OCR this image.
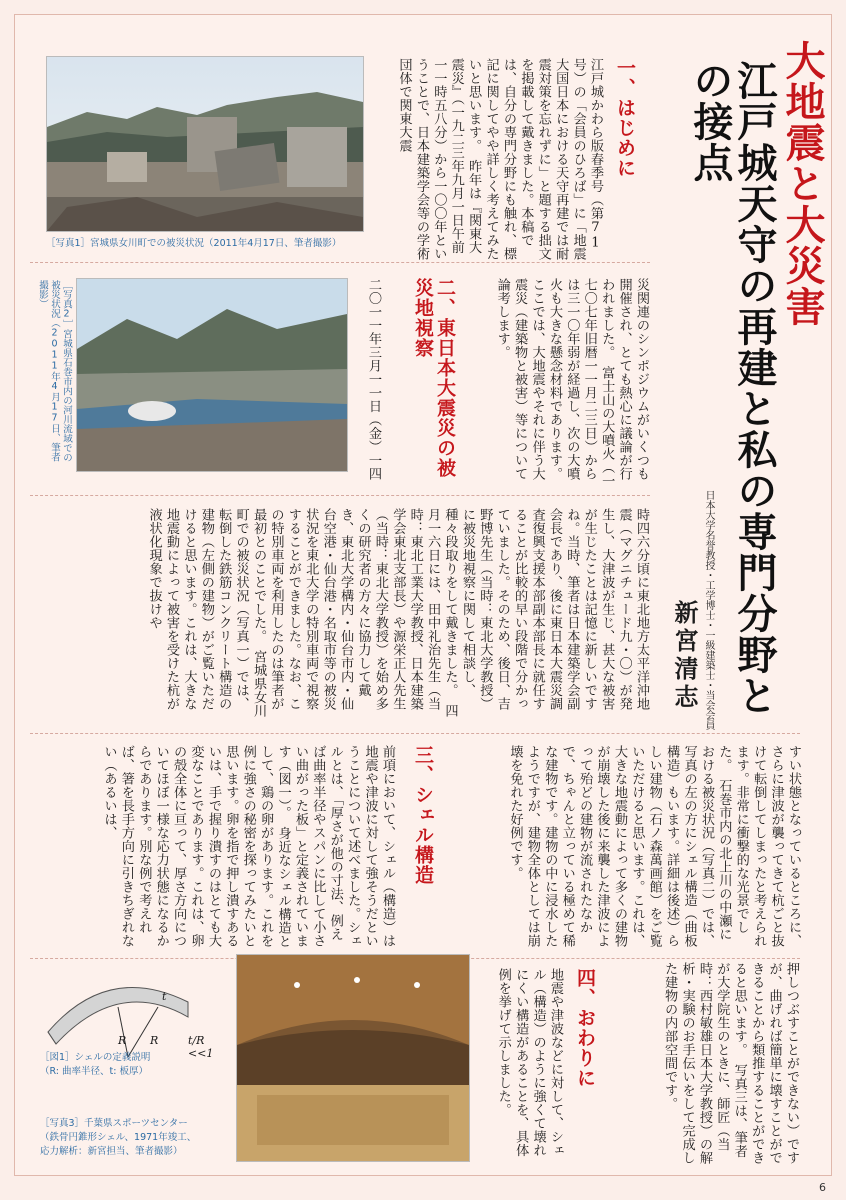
大地震と大災害
江戸城天守の再建と私の専門分野との接点
日本大学名誉教授・工学博士・一級建築士・当会会員
新宮清志
一、はじめに
江戸城かわら版春季号（第71号）の「会員のひろば」に「地震大国日本における天守再建では耐震対策を忘れずに」と題する拙文を掲載して戴きました。本稿では、自分の専門分野にも触れ、標記に関してやや詳しく考えてみたいと思います。　昨年は『関東大震災』（一九二三年九月一日午前一一時五八分）から一〇〇年ということで、日本建築学会等の学術団体で関東大震
［写真1］宮城県女川町での被災状況（2011年4月17日、筆者撮影）
災関連のシンポジウムがいくつも開催され、とても熱心に議論が行われました。　富士山の大噴火（一七〇七年旧暦一一月二三日）からは三一〇年弱が経過し、次の大噴火も大きな懸念材料であります。ここでは、大地震やそれに伴う大震災（建築物と被害）等について論考します。
二、東日本大震災の被災地視察
二〇一一年三月一一日（金）一四
［写真2］宮城県石巻市内の河川流域での被災状況（2011年4月17日、筆者撮影）
時四六分頃に東北地方太平洋沖地震（マグニチュード九・〇）が発生し、大津波が生じ、甚大な被害が生じたことは記憶に新しいですね。当時、筆者は日本建築学会副会長であり、後に東日本大震災調査復興支援本部副本部長に就任することが比較的早い段階で分かっていました。そのため、後日、吉野博先生（当時：東北大学教授）に被災地視察に関して相談し、種々段取りをして戴きました。　四月一六日には、田中礼治先生（当時：東北工業大学教授、日本建築学会東北支部長）や源栄正人先生（当時：東北大学教授）を始め多くの研究者の方々に協力して戴き、東北大学構内・仙台市内・仙台空港・仙台港・名取市等の被災状況を東北大学の特別車両で視察することができました。なお、この特別車両を利用したのは筆者が最初とのことでした。　宮城県女川町での被災状況（写真一）では、転倒した鉄筋コンクリート構造の建物（左側の建物）がご覧いただけると思います。これは、大きな地震動によって被害を受けた杭が液状化現象で抜けや
すい状態となっているところに、さらに津波が襲ってきて杭ごと抜けて転倒してしまったと考えられます。非常に衝撃的な光景でした。　石巻市内の北上川の中瀬における被災状況（写真二）では、写真の左の方にシェル構造（曲板構造）もいます。詳細は後述）らしい建物（石ノ森萬画館）をご覧いただけると思います。これは、大きな地震動によって多くの建物が崩壊した後に来襲した津波によって殆どの建物が流されたなかで、ちゃんと立っている極めて稀な建物です。建物の中に浸水したようですが、建物全体としては崩壊を免れた好例です。
三、シェル構造
前項において、シェル（構造）は地震や津波に対して強そうだということについて述べました。シェルとは、「厚さが他の寸法、例えば曲率半径やスパンに比して小さい曲がった板」と定義されています（図一）。　身近なシェル構造として、鶏の卵があります。これを例に強さの秘密を探ってみたいと思います。卵を指で押し潰すあるいは、手で握り潰すのはとても大変なことであります。これは、卵の殻全体に亘って、厚さ方向についてほぼ一様な応力状態になるからであります。別な例で考えれば、箸を長手方向に引きちぎれない（あるいは、
押しつぶすことができない）ですが、曲げれば簡単に壊すことができることから類推することができると思います。　写真三は、筆者が大学院生のときに、師匠（当時：西村敏雄日本大学教授）の解析・実験のお手伝いをして完成した建物の内部空間です。
四、おわりに
地震や津波などに対して、シェル（構造）のように強くて壊れにくい構造があることを、具体例を挙げて示しました。
t
R R	t/R <<1
［図1］シェルの定義説明
（R: 曲率半径、t: 板厚）
［写真3］千葉県スポーツセンター
（鉄骨円錐形シェル、1971年竣工、
応力解析：新宮担当、筆者撮影）
6
